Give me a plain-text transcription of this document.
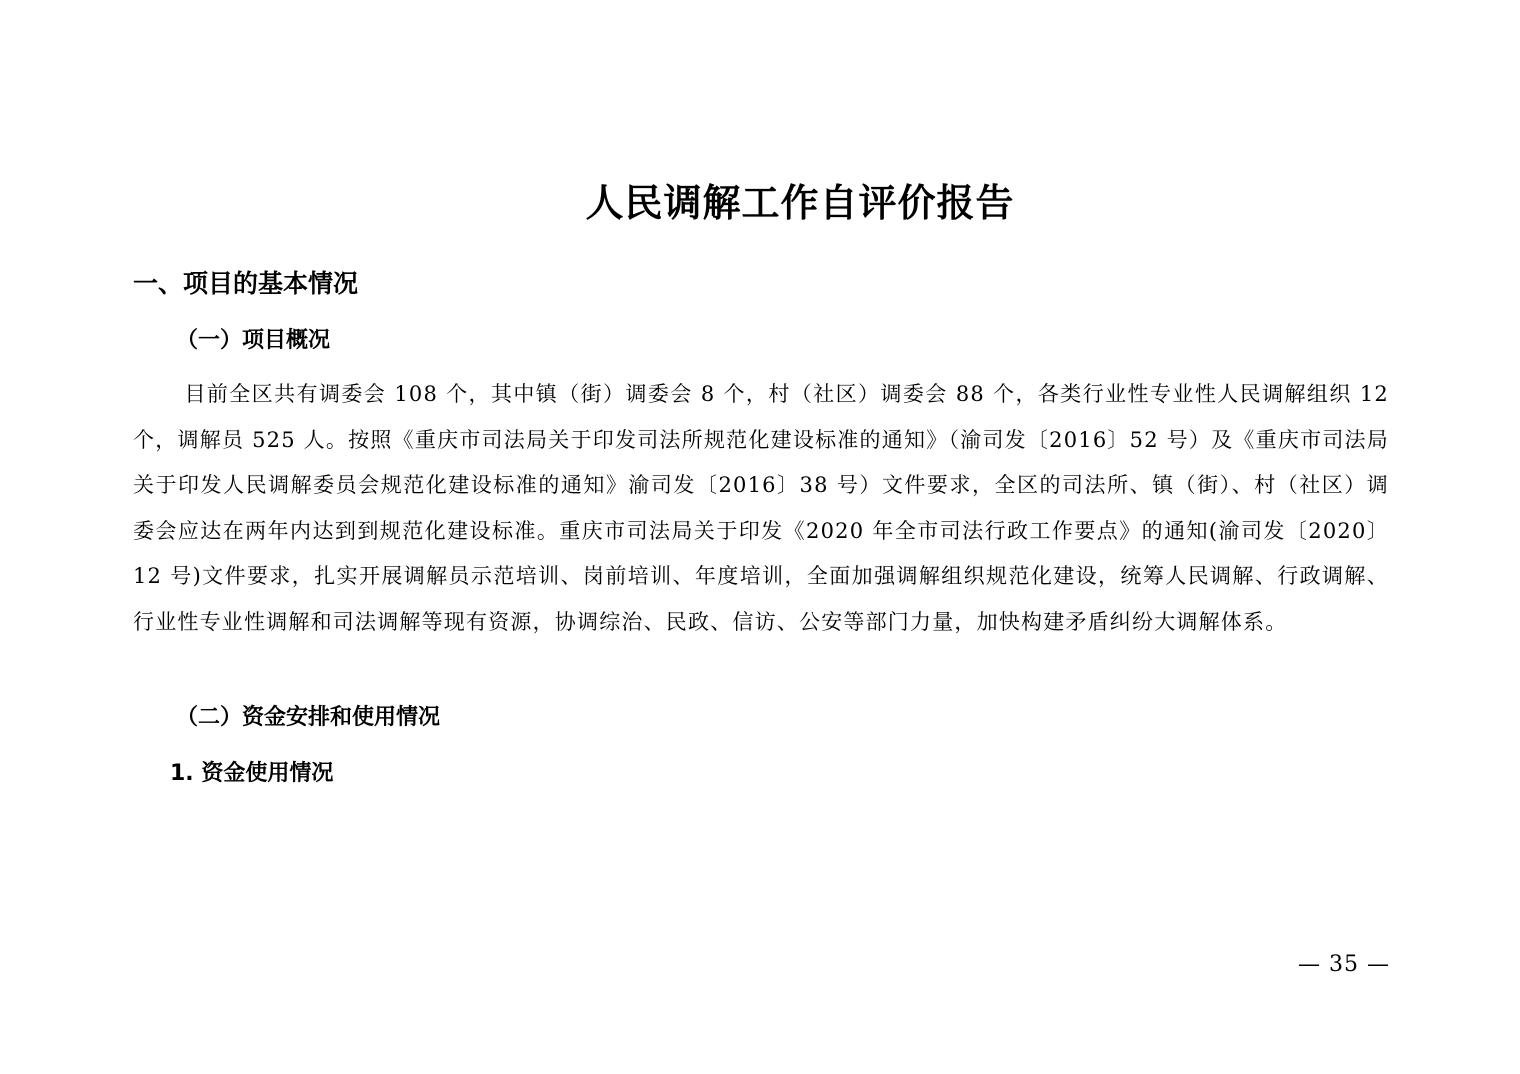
人民调解工作自评价报告
一、项目的基本情况
（一）项目概况

目前全区共有调委会 108 个，其中镇（街）调委会 8 个，村（社区）调委会 88 个，各类行业性专业性人民调解组织 12 个，调解员 525 人。按照《重庆市司法局关于印发司法所规范化建设标准的通知》（渝司发〔2016〕52 号）及《重庆市司法局关于印发人民调解委员会规范化建设标准的通知》渝司发〔2016〕38 号）文件要求，全区的司法所、镇（街）、村（社区）调委会应达在两年内达到到规范化建设标准。重庆市司法局关于印发《2020 年全市司法行政工作要点》的通知(渝司发〔2020〕12 号)文件要求，扎实开展调解员示范培训、岗前培训、年度培训，全面加强调解组织规范化建设，统筹人民调解、行政调解、行业性专业性调解和司法调解等现有资源，协调综治、民政、信访、公安等部门力量，加快构建矛盾纠纷大调解体系。

（二）资金安排和使用情况
1. 资金使用情况
— 35 —
